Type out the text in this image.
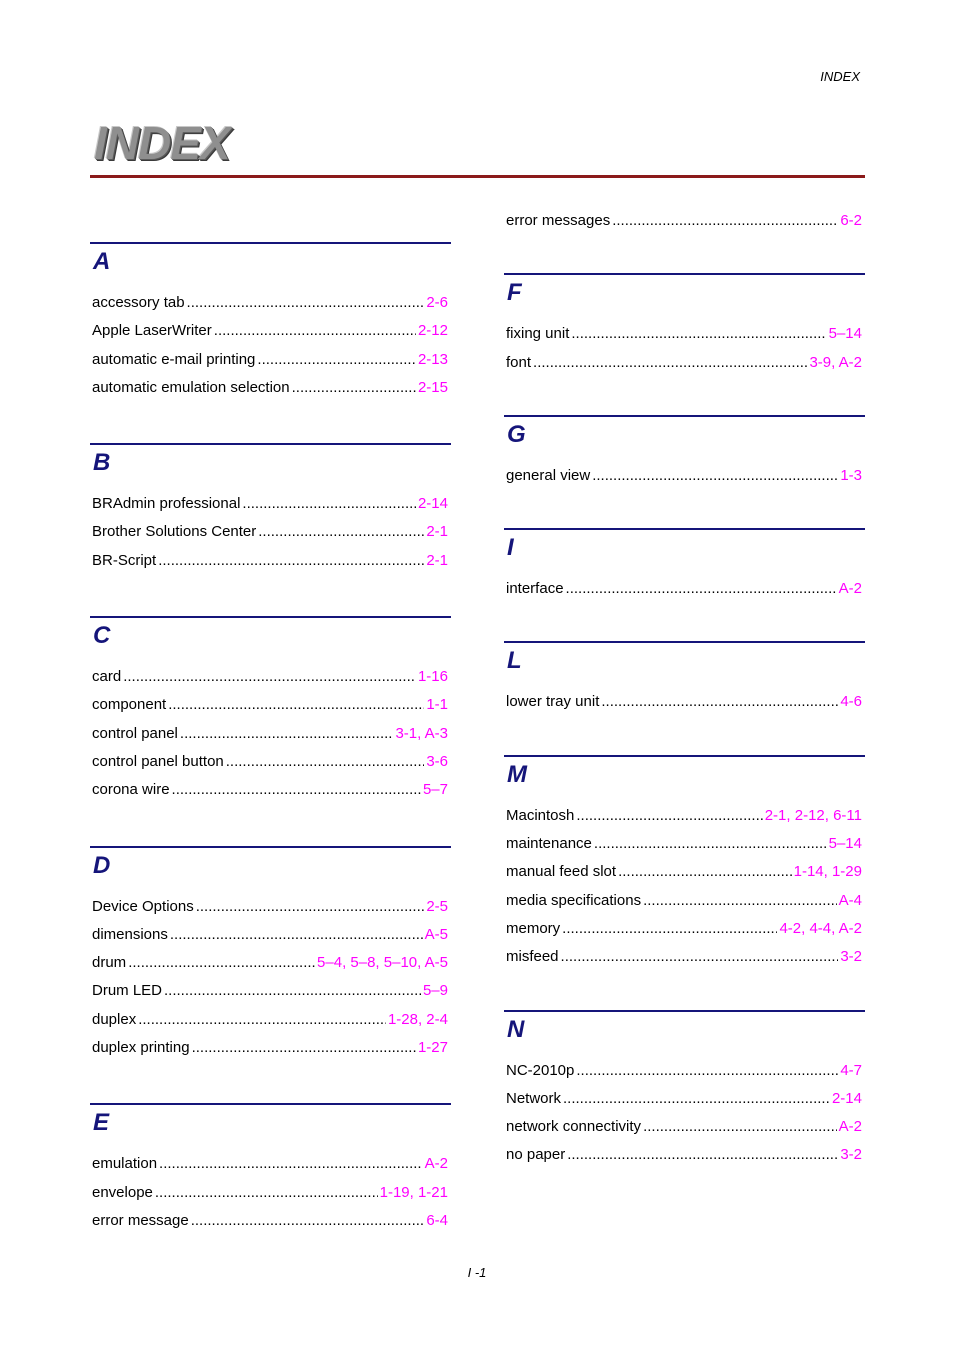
INDEX
INDEX
A
accessory tab .....	2-6
Apple LaserWriter .....	2-12
automatic e-mail printing .....	2-13
automatic emulation selection .....	2-15
B
BRAdmin professional .....	2-14
Brother Solutions Center .....	2-1
BR-Script .....	2-1
C
card .....	1-16
component .....	1-1
control panel .....	3-1, A-3
control panel button .....	3-6
corona wire .....	5–7
D
Device Options .....	2-5
dimensions .....	A-5
drum .....	5–4, 5–8, 5–10, A-5
Drum LED .....	5–9
duplex .....	1-28, 2-4
duplex printing .....	1-27
E
emulation .....	A-2
envelope .....	1-19, 1-21
error message .....	6-4
error messages .....	6-2
F
fixing unit .....	5–14
font .....	3-9, A-2
G
general view .....	1-3
I
interface .....	A-2
L
lower tray unit .....	4-6
M
Macintosh .....	2-1, 2-12, 6-11
maintenance .....	5–14
manual feed slot .....	1-14, 1-29
media specifications .....	A-4
memory .....	4-2, 4-4, A-2
misfeed .....	3-2
N
NC-2010p .....	4-7
Network .....	2-14
network connectivity .....	A-2
no paper .....	3-2
I -1
